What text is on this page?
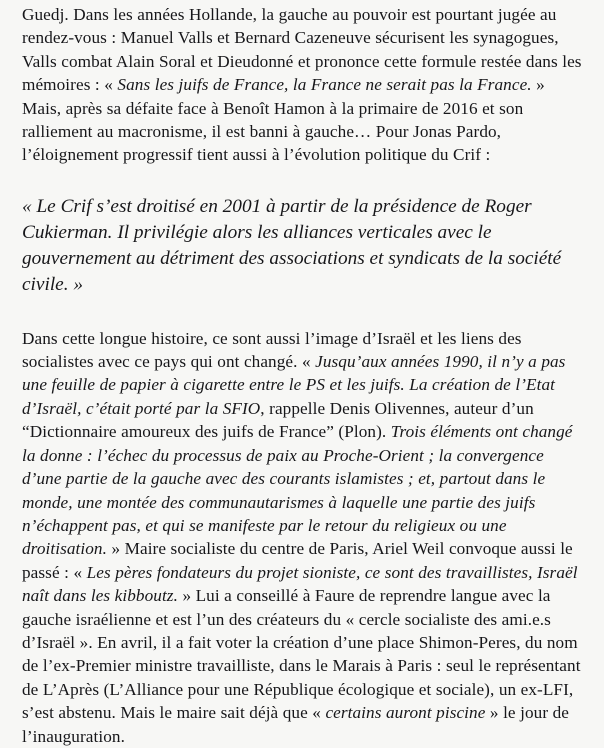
Guedj. Dans les années Hollande, la gauche au pouvoir est pourtant jugée au rendez-vous : Manuel Valls et Bernard Cazeneuve sécurisent les synagogues, Valls combat Alain Soral et Dieudonné et prononce cette formule restée dans les mémoires : « Sans les juifs de France, la France ne serait pas la France. » Mais, après sa défaite face à Benoît Hamon à la primaire de 2016 et son ralliement au macronisme, il est banni à gauche… Pour Jonas Pardo, l’éloignement progressif tient aussi à l’évolution politique du Crif :

« Le Crif s’est droitisé en 2001 à partir de la présidence de Roger Cukierman. Il privilégie alors les alliances verticales avec le gouvernement au détriment des associations et syndicats de la société civile. »

Dans cette longue histoire, ce sont aussi l’image d’Israël et les liens des socialistes avec ce pays qui ont changé. « Jusqu’aux années 1990, il n’y a pas une feuille de papier à cigarette entre le PS et les juifs. La création de l’Etat d’Israël, c’était porté par la SFIO, rappelle Denis Olivennes, auteur d’un “Dictionnaire amoureux des juifs de France” (Plon). Trois éléments ont changé la donne : l’échec du processus de paix au Proche-Orient ; la convergence d’une partie de la gauche avec des courants islamistes ; et, partout dans le monde, une montée des communautarismes à laquelle une partie des juifs n’échappent pas, et qui se manifeste par le retour du religieux ou une droitisation. » Maire socialiste du centre de Paris, Ariel Weil convoque aussi le passé : « Les pères fondateurs du projet sioniste, ce sont des travaillistes, Israël naît dans les kibboutz. » Lui a conseillé à Faure de reprendre langue avec la gauche israélienne et est l’un des créateurs du « cercle socialiste des ami.e.s d’Israël ». En avril, il a fait voter la création d’une place Shimon-Peres, du nom de l’ex-Premier ministre travailliste, dans le Marais à Paris : seul le représentant de L’Après (L’Alliance pour une République écologique et sociale), un ex-LFI, s’est abstenu. Mais le maire sait déjà que « certains auront piscine » le jour de l’inauguration.
